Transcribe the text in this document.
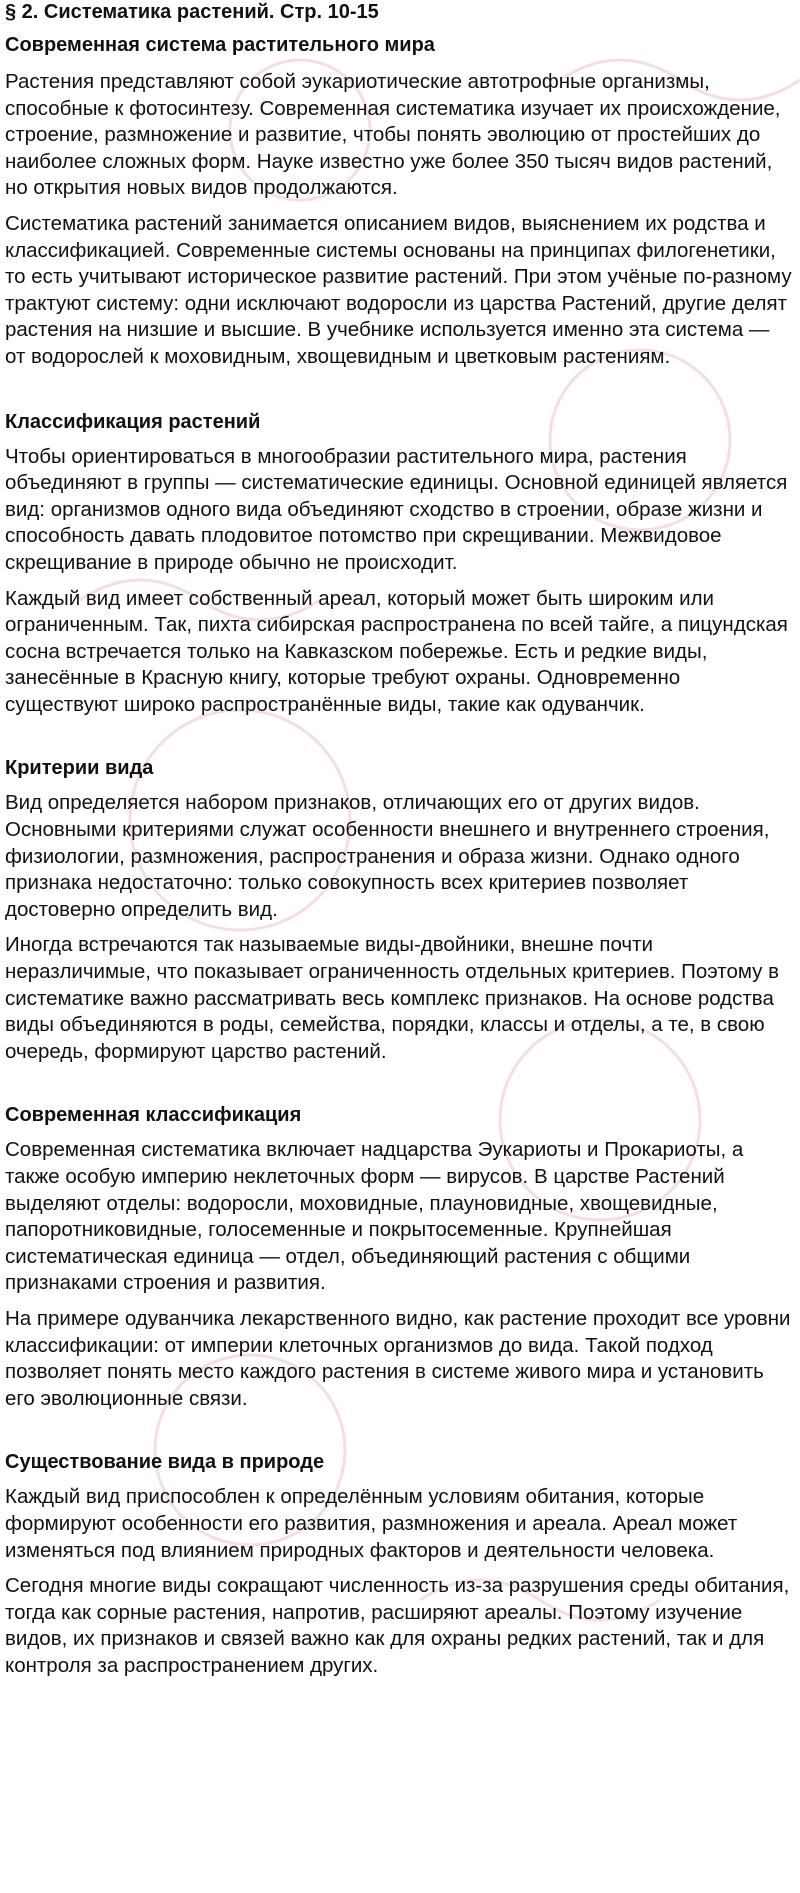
§ 2. Систематика растений. Стр. 10-15
Современная система растительного мира

Растения представляют собой эукариотические автотрофные организмы, способные к фотосинтезу. Современная систематика изучает их происхождение, строение, размножение и развитие, чтобы понять эволюцию от простейших до наиболее сложных форм. Науке известно уже более 350 тысяч видов растений, но открытия новых видов продолжаются.

Систематика растений занимается описанием видов, выяснением их родства и классификацией. Современные системы основаны на принципах филогенетики, то есть учитывают историческое развитие растений. При этом учёные по-разному трактуют систему: одни исключают водоросли из царства Растений, другие делят растения на низшие и высшие. В учебнике используется именно эта система — от водорослей к моховидным, хвощевидным и цветковым растениям.

Классификация растений

Чтобы ориентироваться в многообразии растительного мира, растения объединяют в группы — систематические единицы. Основной единицей является вид: организмов одного вида объединяют сходство в строении, образе жизни и способность давать плодовитое потомство при скрещивании. Межвидовое скрещивание в природе обычно не происходит.

Каждый вид имеет собственный ареал, который может быть широким или ограниченным. Так, пихта сибирская распространена по всей тайге, а пицундская сосна встречается только на Кавказском побережье. Есть и редкие виды, занесённые в Красную книгу, которые требуют охраны. Одновременно существуют широко распространённые виды, такие как одуванчик.

Критерии вида

Вид определяется набором признаков, отличающих его от других видов. Основными критериями служат особенности внешнего и внутреннего строения, физиологии, размножения, распространения и образа жизни. Однако одного признака недостаточно: только совокупность всех критериев позволяет достоверно определить вид.

Иногда встречаются так называемые виды-двойники, внешне почти неразличимые, что показывает ограниченность отдельных критериев. Поэтому в систематике важно рассматривать весь комплекс признаков. На основе родства виды объединяются в роды, семейства, порядки, классы и отделы, а те, в свою очередь, формируют царство растений.

Современная классификация

Современная систематика включает надцарства Эукариоты и Прокариоты, а также особую империю неклеточных форм — вирусов. В царстве Растений выделяют отделы: водоросли, моховидные, плауновидные, хвощевидные, папоротниковидные, голосеменные и покрытосеменные. Крупнейшая систематическая единица — отдел, объединяющий растения с общими признаками строения и развития.

На примере одуванчика лекарственного видно, как растение проходит все уровни классификации: от империи клеточных организмов до вида. Такой подход позволяет понять место каждого растения в системе живого мира и установить его эволюционные связи.

Существование вида в природе

Каждый вид приспособлен к определённым условиям обитания, которые формируют особенности его развития, размножения и ареала. Ареал может изменяться под влиянием природных факторов и деятельности человека.

Сегодня многие виды сокращают численность из-за разрушения среды обитания, тогда как сорные растения, напротив, расширяют ареалы. Поэтому изучение видов, их признаков и связей важно как для охраны редких растений, так и для контроля за распространением других.
